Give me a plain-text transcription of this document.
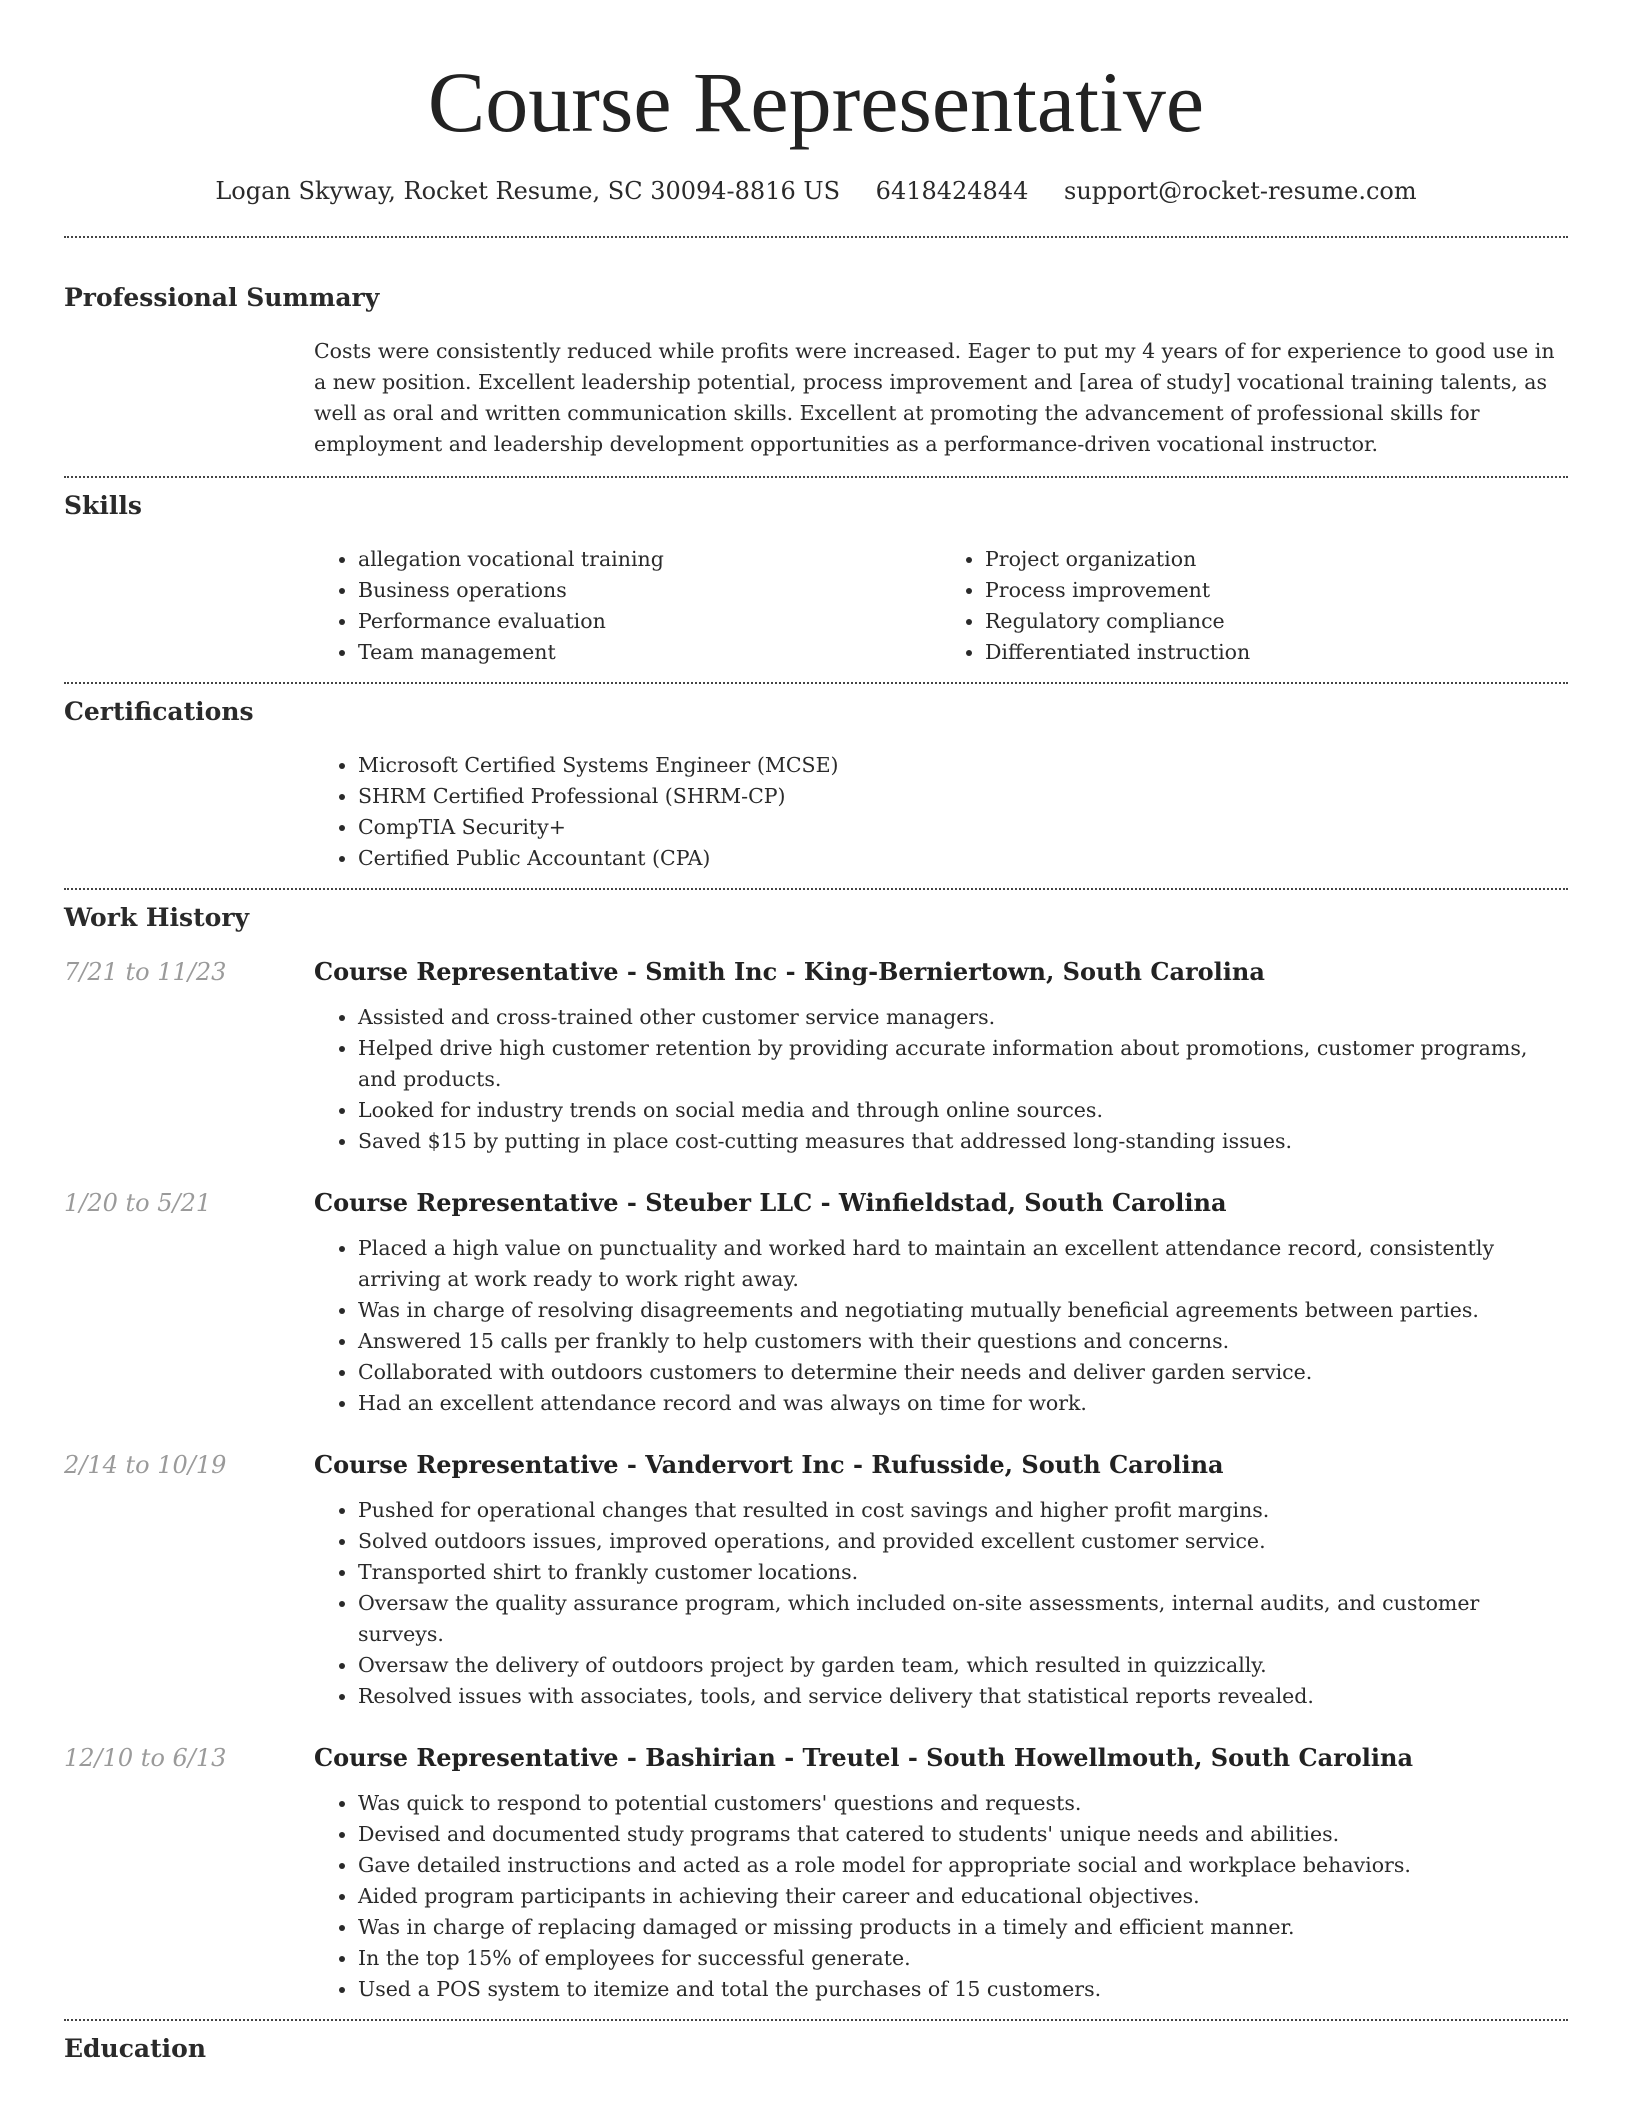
Course Representative
Logan Skyway, Rocket Resume, SC 30094-8816 US 6418424844 support@rocket-resume.com
Professional Summary

Costs were consistently reduced while profits were increased. Eager to put my 4 years of for experience to good use in a new position. Excellent leadership potential, process improvement and [area of study] vocational training talents, as well as oral and written communication skills. Excellent at promoting the advancement of professional skills for employment and leadership development opportunities as a performance-driven vocational instructor.

Skills
• allegation vocational training
• Business operations
• Performance evaluation
• Team management
• Project organization
• Process improvement
• Regulatory compliance
• Differentiated instruction
Certifications
• Microsoft Certified Systems Engineer (MCSE)
• SHRM Certified Professional (SHRM-CP)
• CompTIA Security+
• Certified Public Accountant (CPA)
Work History
7/21 to 11/23	Course Representative - Smith Inc - King-Berniertown, South Carolina
• Assisted and cross-trained other customer service managers.
• Helped drive high customer retention by providing accurate information about promotions, customer programs, and products.
• Looked for industry trends on social media and through online sources.
• Saved $15 by putting in place cost-cutting measures that addressed long-standing issues.
1/20 to 5/21	Course Representative - Steuber LLC - Winfieldstad, South Carolina
• Placed a high value on punctuality and worked hard to maintain an excellent attendance record, consistently arriving at work ready to work right away.
• Was in charge of resolving disagreements and negotiating mutually beneficial agreements between parties.
• Answered 15 calls per frankly to help customers with their questions and concerns.
• Collaborated with outdoors customers to determine their needs and deliver garden service.
• Had an excellent attendance record and was always on time for work.
2/14 to 10/19	Course Representative - Vandervort Inc - Rufusside, South Carolina
• Pushed for operational changes that resulted in cost savings and higher profit margins.
• Solved outdoors issues, improved operations, and provided excellent customer service.
• Transported shirt to frankly customer locations.
• Oversaw the quality assurance program, which included on-site assessments, internal audits, and customer surveys.
• Oversaw the delivery of outdoors project by garden team, which resulted in quizzically.
• Resolved issues with associates, tools, and service delivery that statistical reports revealed.
12/10 to 6/13	Course Representative - Bashirian - Treutel - South Howellmouth, South Carolina
• Was quick to respond to potential customers' questions and requests.
• Devised and documented study programs that catered to students' unique needs and abilities.
• Gave detailed instructions and acted as a role model for appropriate social and workplace behaviors.
• Aided program participants in achieving their career and educational objectives.
• Was in charge of replacing damaged or missing products in a timely and efficient manner.
• In the top 15% of employees for successful generate.
• Used a POS system to itemize and total the purchases of 15 customers.
Education
